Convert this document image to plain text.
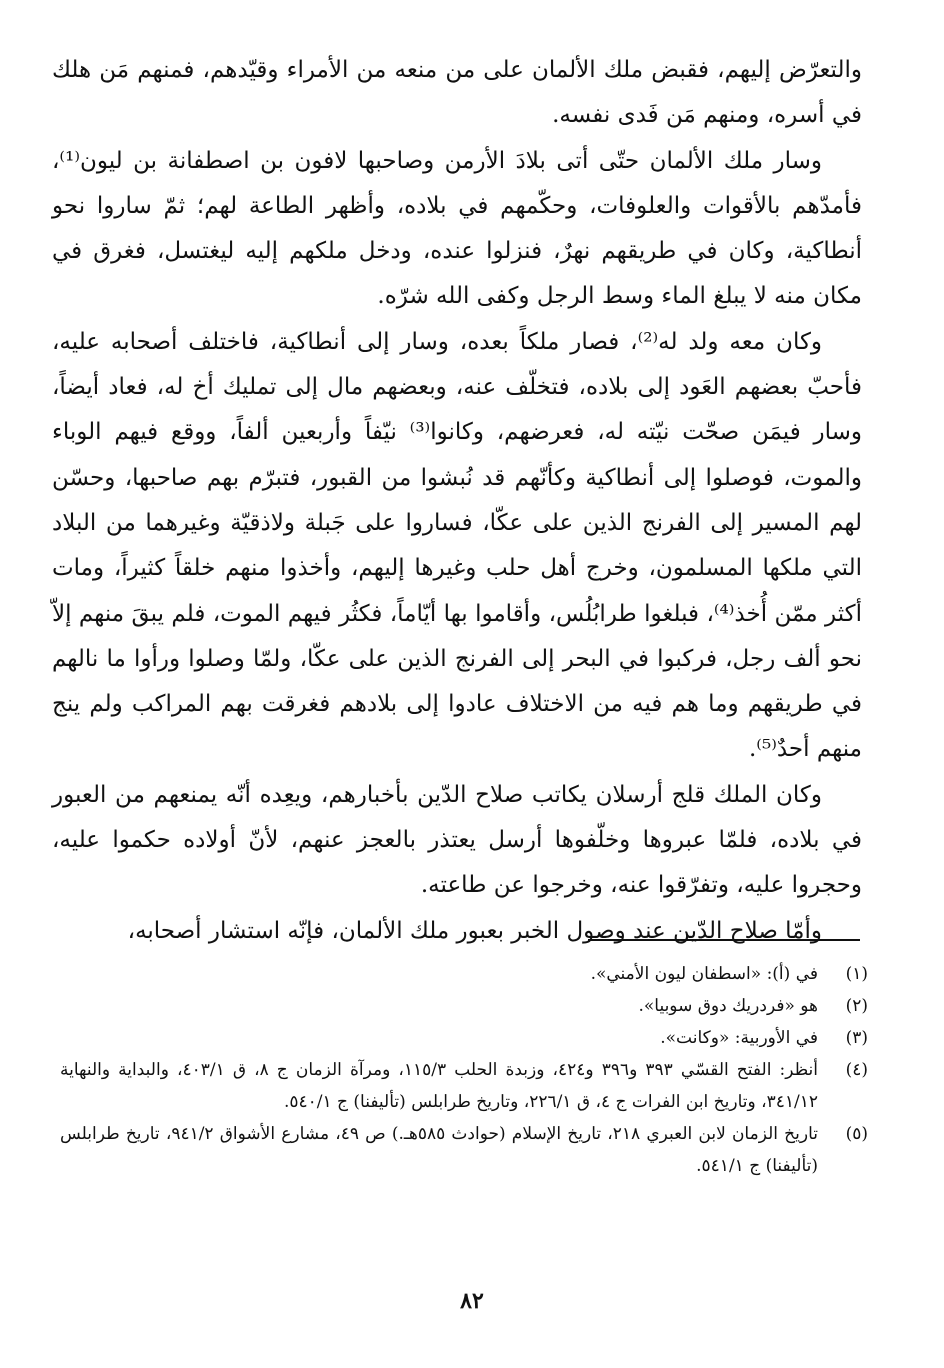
والتعرّض إليهم، فقبض ملك الألمان على من منعه من الأمراء وقيّدهم، فمنهم مَن هلك في أسره، ومنهم مَن فَدى نفسه.

وسار ملك الألمان حتّى أتى بلادَ الأرمن وصاحبها لافون بن اصطفانة بن ليون⁽¹⁾، فأمدّهم بالأقوات والعلوفات، وحكّمهم في بلاده، وأظهر الطاعة لهم؛ ثمّ ساروا نحو أنطاكية، وكان في طريقهم نهرٌ، فنزلوا عنده، ودخل ملكهم إليه ليغتسل، فغرق في مكان منه لا يبلغ الماء وسط الرجل وكفى الله شرّه.

وكان معه ولد له⁽²⁾، فصار ملكاً بعده، وسار إلى أنطاكية، فاختلف أصحابه عليه، فأحبّ بعضهم العَود إلى بلاده، فتخلّف عنه، وبعضهم مال إلى تمليك أخ له، فعاد أيضاً، وسار فيمَن صحّت نيّته له، فعرضهم، وكانوا⁽³⁾ نيّفاً وأربعين ألفاً، ووقع فيهم الوباء والموت، فوصلوا إلى أنطاكية وكأنّهم قد نُبشوا من القبور، فتبرّم بهم صاحبها، وحسّن لهم المسير إلى الفرنج الذين على عكّا، فساروا على جَبلة ولاذقيّة وغيرهما من البلاد التي ملكها المسلمون، وخرج أهل حلب وغيرها إليهم، وأخذوا منهم خلقاً كثيراً، ومات أكثر ممّن أُخذ⁽⁴⁾، فبلغوا طرابُلُس، وأقاموا بها أيّاماً، فكثُر فيهم الموت، فلم يبقَ منهم إلاّ نحو ألف رجل، فركبوا في البحر إلى الفرنج الذين على عكّا، ولمّا وصلوا ورأوا ما نالهم في طريقهم وما هم فيه من الاختلاف عادوا إلى بلادهم فغرقت بهم المراكب ولم ينج منهم أحدٌ⁽⁵⁾.

وكان الملك قلج أرسلان يكاتب صلاح الدّين بأخبارهم، ويعِده أنّه يمنعهم من العبور في بلاده، فلمّا عبروها وخلّفوها أرسل يعتذر بالعجز عنهم، لأنّ أولاده حكموا عليه، وحجروا عليه، وتفرّقوا عنه، وخرجوا عن طاعته.

وأمّا صلاح الدّين عند وصول الخبر بعبور ملك الألمان، فإنّه استشار أصحابه،

(١)
في (أ): «اسطفان ليون الأمني».
(٢)
هو «فردريك دوق سوبيا».
(٣)
في الأوربية: «وكانت».
(٤)
أنظر: الفتح القسّي ٣٩٣ و٣٩٦ و٤٢٤، وزبدة الحلب ١١٥/٣، ومرآة الزمان ج ٨، ق ٤٠٣/١، والبداية والنهاية ٣٤١/١٢، وتاريخ ابن الفرات ج ٤، ق ٢٢٦/١، وتاريخ طرابلس (تأليفنا) ج ٥٤٠/١.
(٥)
تاريخ الزمان لابن العبري ٢١٨، تاريخ الإسلام (حوادث ٥٨٥هـ.) ص ٤٩، مشارع الأشواق ٩٤١/٢، تاريخ طرابلس (تأليفنا) ج ٥٤١/١.
٨٢
